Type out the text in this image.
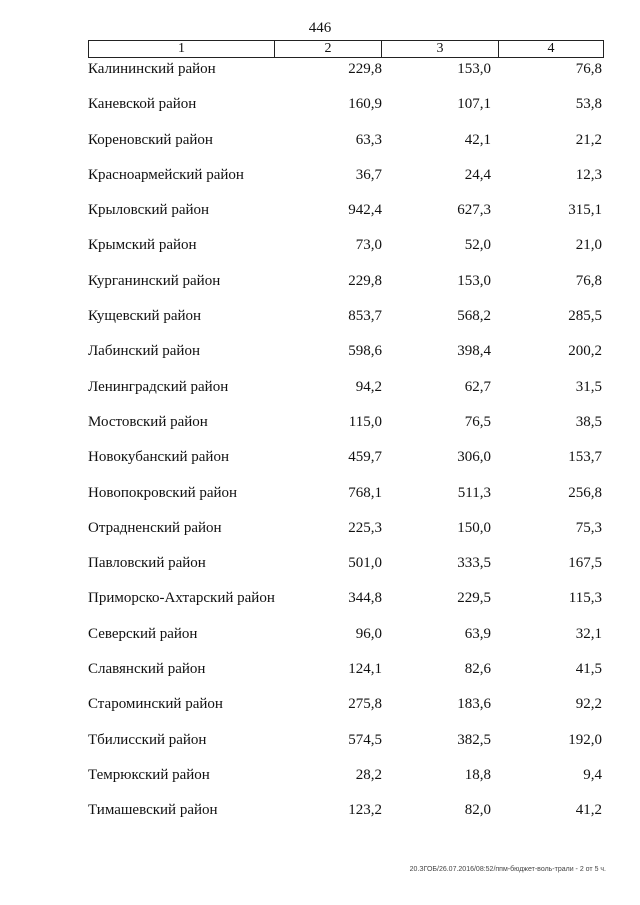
446
1	2	3	4
Калининский район	229,8	153,0	76,8
Каневской район	160,9	107,1	53,8
Кореновский район	63,3	42,1	21,2
Красноармейский район	36,7	24,4	12,3
Крыловский район	942,4	627,3	315,1
Крымский район	73,0	52,0	21,0
Курганинский район	229,8	153,0	76,8
Кущевский район	853,7	568,2	285,5
Лабинский район	598,6	398,4	200,2
Ленинградский район	94,2	62,7	31,5
Мостовский район	115,0	76,5	38,5
Новокубанский район	459,7	306,0	153,7
Новопокровский район	768,1	511,3	256,8
Отрадненский район	225,3	150,0	75,3
Павловский район	501,0	333,5	167,5
Приморско-Ахтарский район	344,8	229,5	115,3
Северский район	96,0	63,9	32,1
Славянский район	124,1	82,6	41,5
Староминский район	275,8	183,6	92,2
Тбилисский район	574,5	382,5	192,0
Темрюкский район	28,2	18,8	9,4
Тимашевский район	123,2	82,0	41,2
20.ЗГОБ/26.07.2016/08:52/ппм-бюджет-воль-трали - 2 от 5 ч.
